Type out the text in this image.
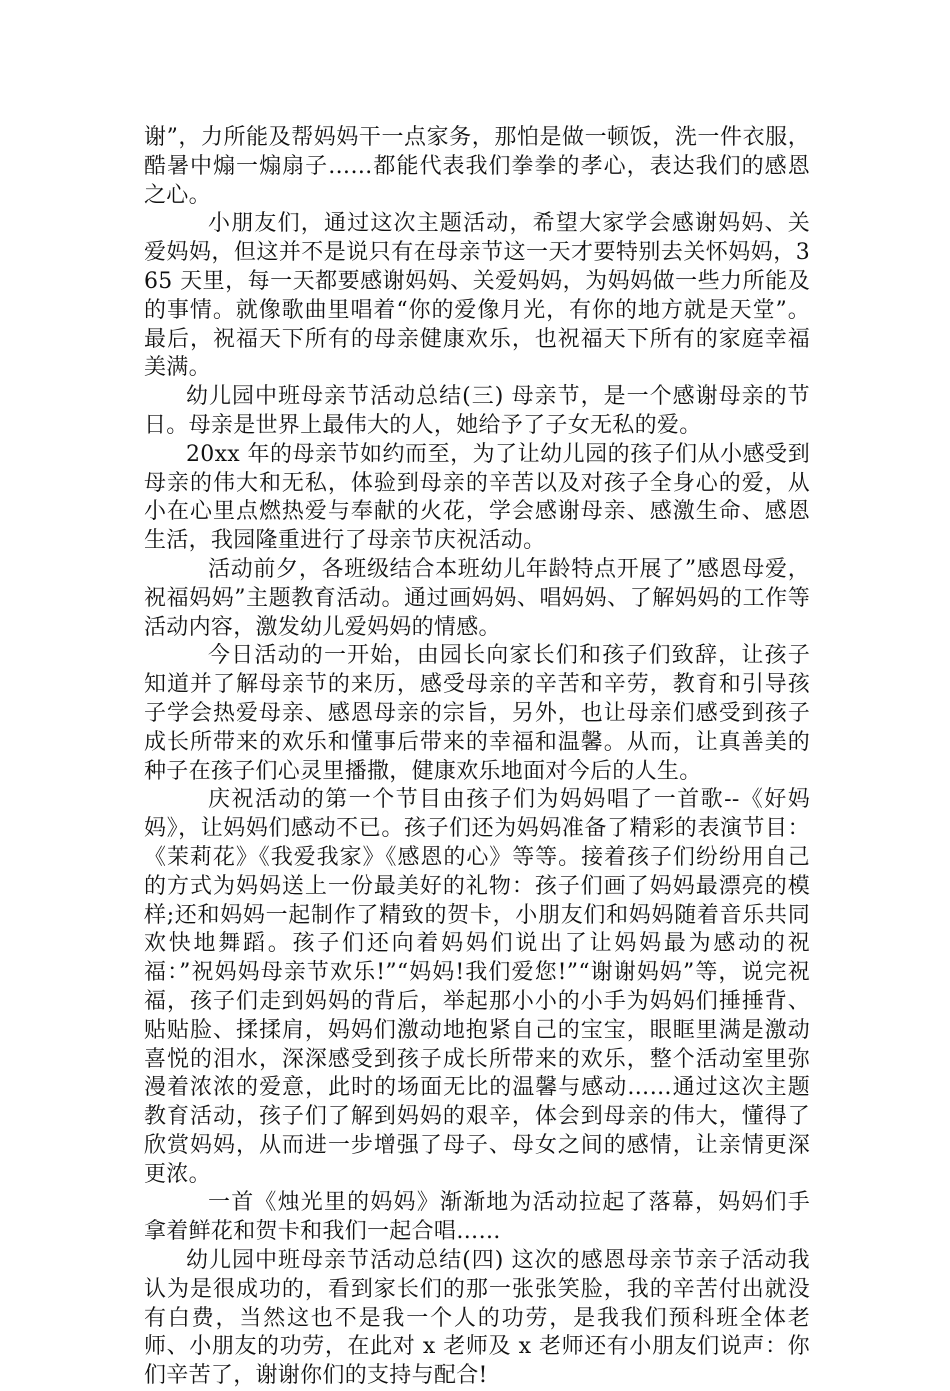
谢”，力所能及帮妈妈干一点家务，那怕是做一顿饭，洗一件衣服，酷暑中煽一煽扇子……都能代表我们拳拳的孝心，表达我们的感恩之心。

小朋友们，通过这次主题活动，希望大家学会感谢妈妈、关爱妈妈，但这并不是说只有在母亲节这一天才要特别去关怀妈妈，365 天里，每一天都要感谢妈妈、关爱妈妈，为妈妈做一些力所能及的事情。就像歌曲里唱着“你的爱像月光，有你的地方就是天堂”。最后，祝福天下所有的母亲健康欢乐，也祝福天下所有的家庭幸福美满。

幼儿园中班母亲节活动总结(三) 母亲节，是一个感谢母亲的节日。母亲是世界上最伟大的人，她给予了子女无私的爱。

20xx 年的母亲节如约而至，为了让幼儿园的孩子们从小感受到母亲的伟大和无私，体验到母亲的辛苦以及对孩子全身心的爱，从小在心里点燃热爱与奉献的火花，学会感谢母亲、感激生命、感恩生活，我园隆重进行了母亲节庆祝活动。

活动前夕，各班级结合本班幼儿年龄特点开展了”感恩母爱，祝福妈妈”主题教育活动。通过画妈妈、唱妈妈、了解妈妈的工作等活动内容，激发幼儿爱妈妈的情感。

今日活动的一开始，由园长向家长们和孩子们致辞，让孩子知道并了解母亲节的来历，感受母亲的辛苦和辛劳，教育和引导孩子学会热爱母亲、感恩母亲的宗旨，另外，也让母亲们感受到孩子成长所带来的欢乐和懂事后带来的幸福和温馨。从而，让真善美的种子在孩子们心灵里播撒，健康欢乐地面对今后的人生。

庆祝活动的第一个节目由孩子们为妈妈唱了一首歌--《好妈妈》，让妈妈们感动不已。孩子们还为妈妈准备了精彩的表演节目：《茉莉花》《我爱我家》《感恩的心》等等。接着孩子们纷纷用自己的方式为妈妈送上一份最美好的礼物：孩子们画了妈妈最漂亮的模样;还和妈妈一起制作了精致的贺卡，小朋友们和妈妈随着音乐共同欢快地舞蹈。孩子们还向着妈妈们说出了让妈妈最为感动的祝福：”祝妈妈母亲节欢乐!”“妈妈!我们爱您!”“谢谢妈妈”等，说完祝福，孩子们走到妈妈的背后，举起那小小的小手为妈妈们捶捶背、贴贴脸、揉揉肩，妈妈们激动地抱紧自己的宝宝，眼眶里满是激动喜悦的泪水，深深感受到孩子成长所带来的欢乐，整个活动室里弥漫着浓浓的爱意，此时的场面无比的温馨与感动……通过这次主题教育活动，孩子们了解到妈妈的艰辛，体会到母亲的伟大，懂得了欣赏妈妈，从而进一步增强了母子、母女之间的感情，让亲情更深更浓。

一首《烛光里的妈妈》渐渐地为活动拉起了落幕，妈妈们手拿着鲜花和贺卡和我们一起合唱……

幼儿园中班母亲节活动总结(四) 这次的感恩母亲节亲子活动我认为是很成功的，看到家长们的那一张张笑脸，我的辛苦付出就没有白费，当然这也不是我一个人的功劳，是我我们预科班全体老师、小朋友的功劳，在此对 x 老师及 x 老师还有小朋友们说声：你们辛苦了，谢谢你们的支持与配合!
